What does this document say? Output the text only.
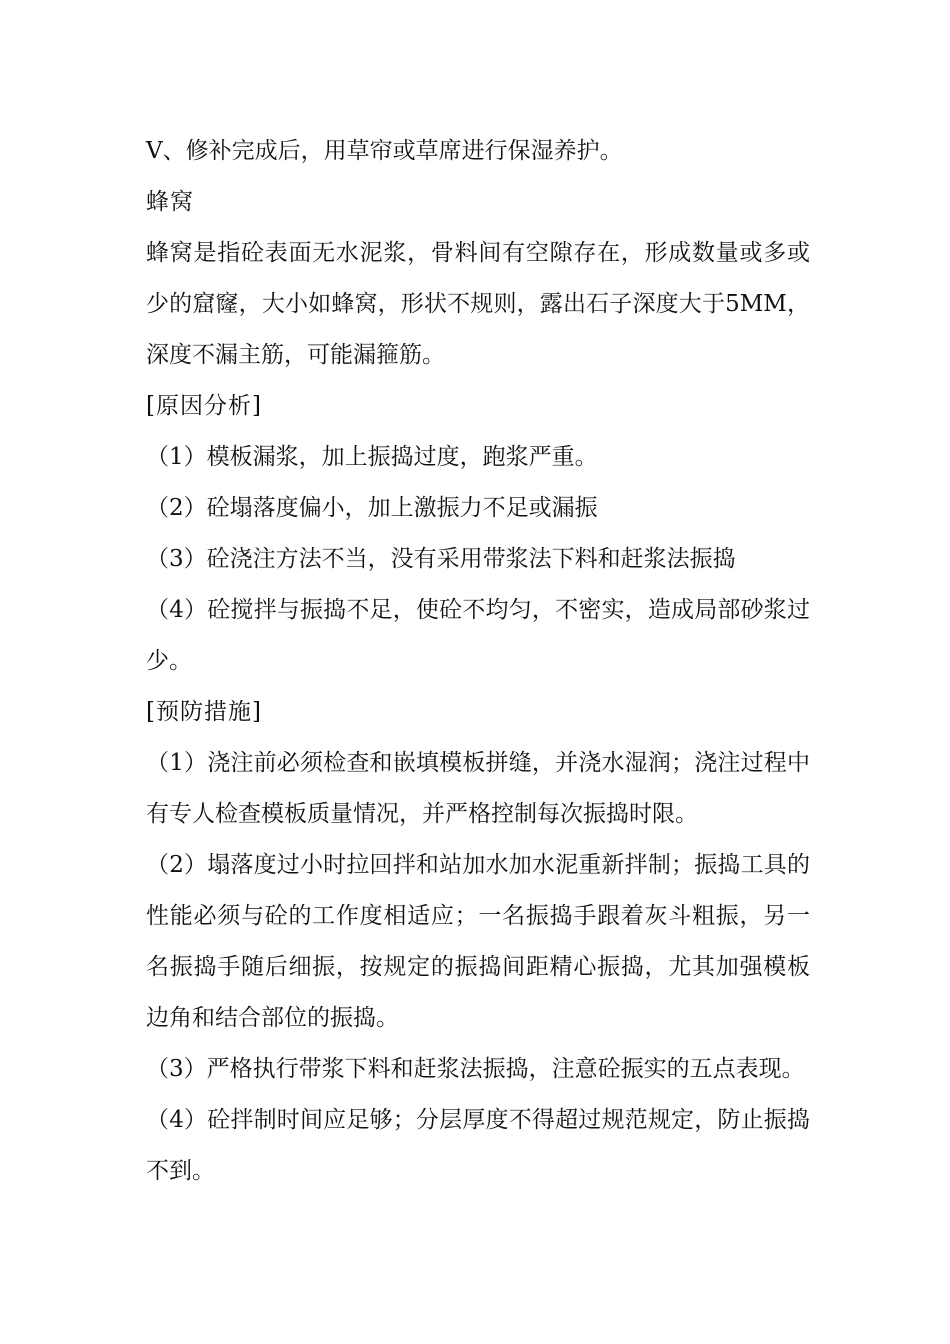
Ⅴ、修补完成后，用草帘或草席进行保湿养护。

蜂窝

蜂窝是指砼表面无水泥浆，骨料间有空隙存在，形成数量或多或少的窟窿，大小如蜂窝，形状不规则，露出石子深度大于5MM，深度不漏主筋，可能漏箍筋。

[原因分析]

（1）模板漏浆，加上振捣过度，跑浆严重。

（2）砼塌落度偏小，加上激振力不足或漏振

（3）砼浇注方法不当，没有采用带浆法下料和赶浆法振捣

（4）砼搅拌与振捣不足，使砼不均匀，不密实，造成局部砂浆过少。

[预防措施]

（1）浇注前必须检查和嵌填模板拼缝，并浇水湿润；浇注过程中有专人检查模板质量情况，并严格控制每次振捣时限。

（2）塌落度过小时拉回拌和站加水加水泥重新拌制；振捣工具的性能必须与砼的工作度相适应；一名振捣手跟着灰斗粗振，另一名振捣手随后细振，按规定的振捣间距精心振捣，尤其加强模板边角和结合部位的振捣。

（3）严格执行带浆下料和赶浆法振捣，注意砼振实的五点表现。

（4）砼拌制时间应足够；分层厚度不得超过规范规定，防止振捣不到。
